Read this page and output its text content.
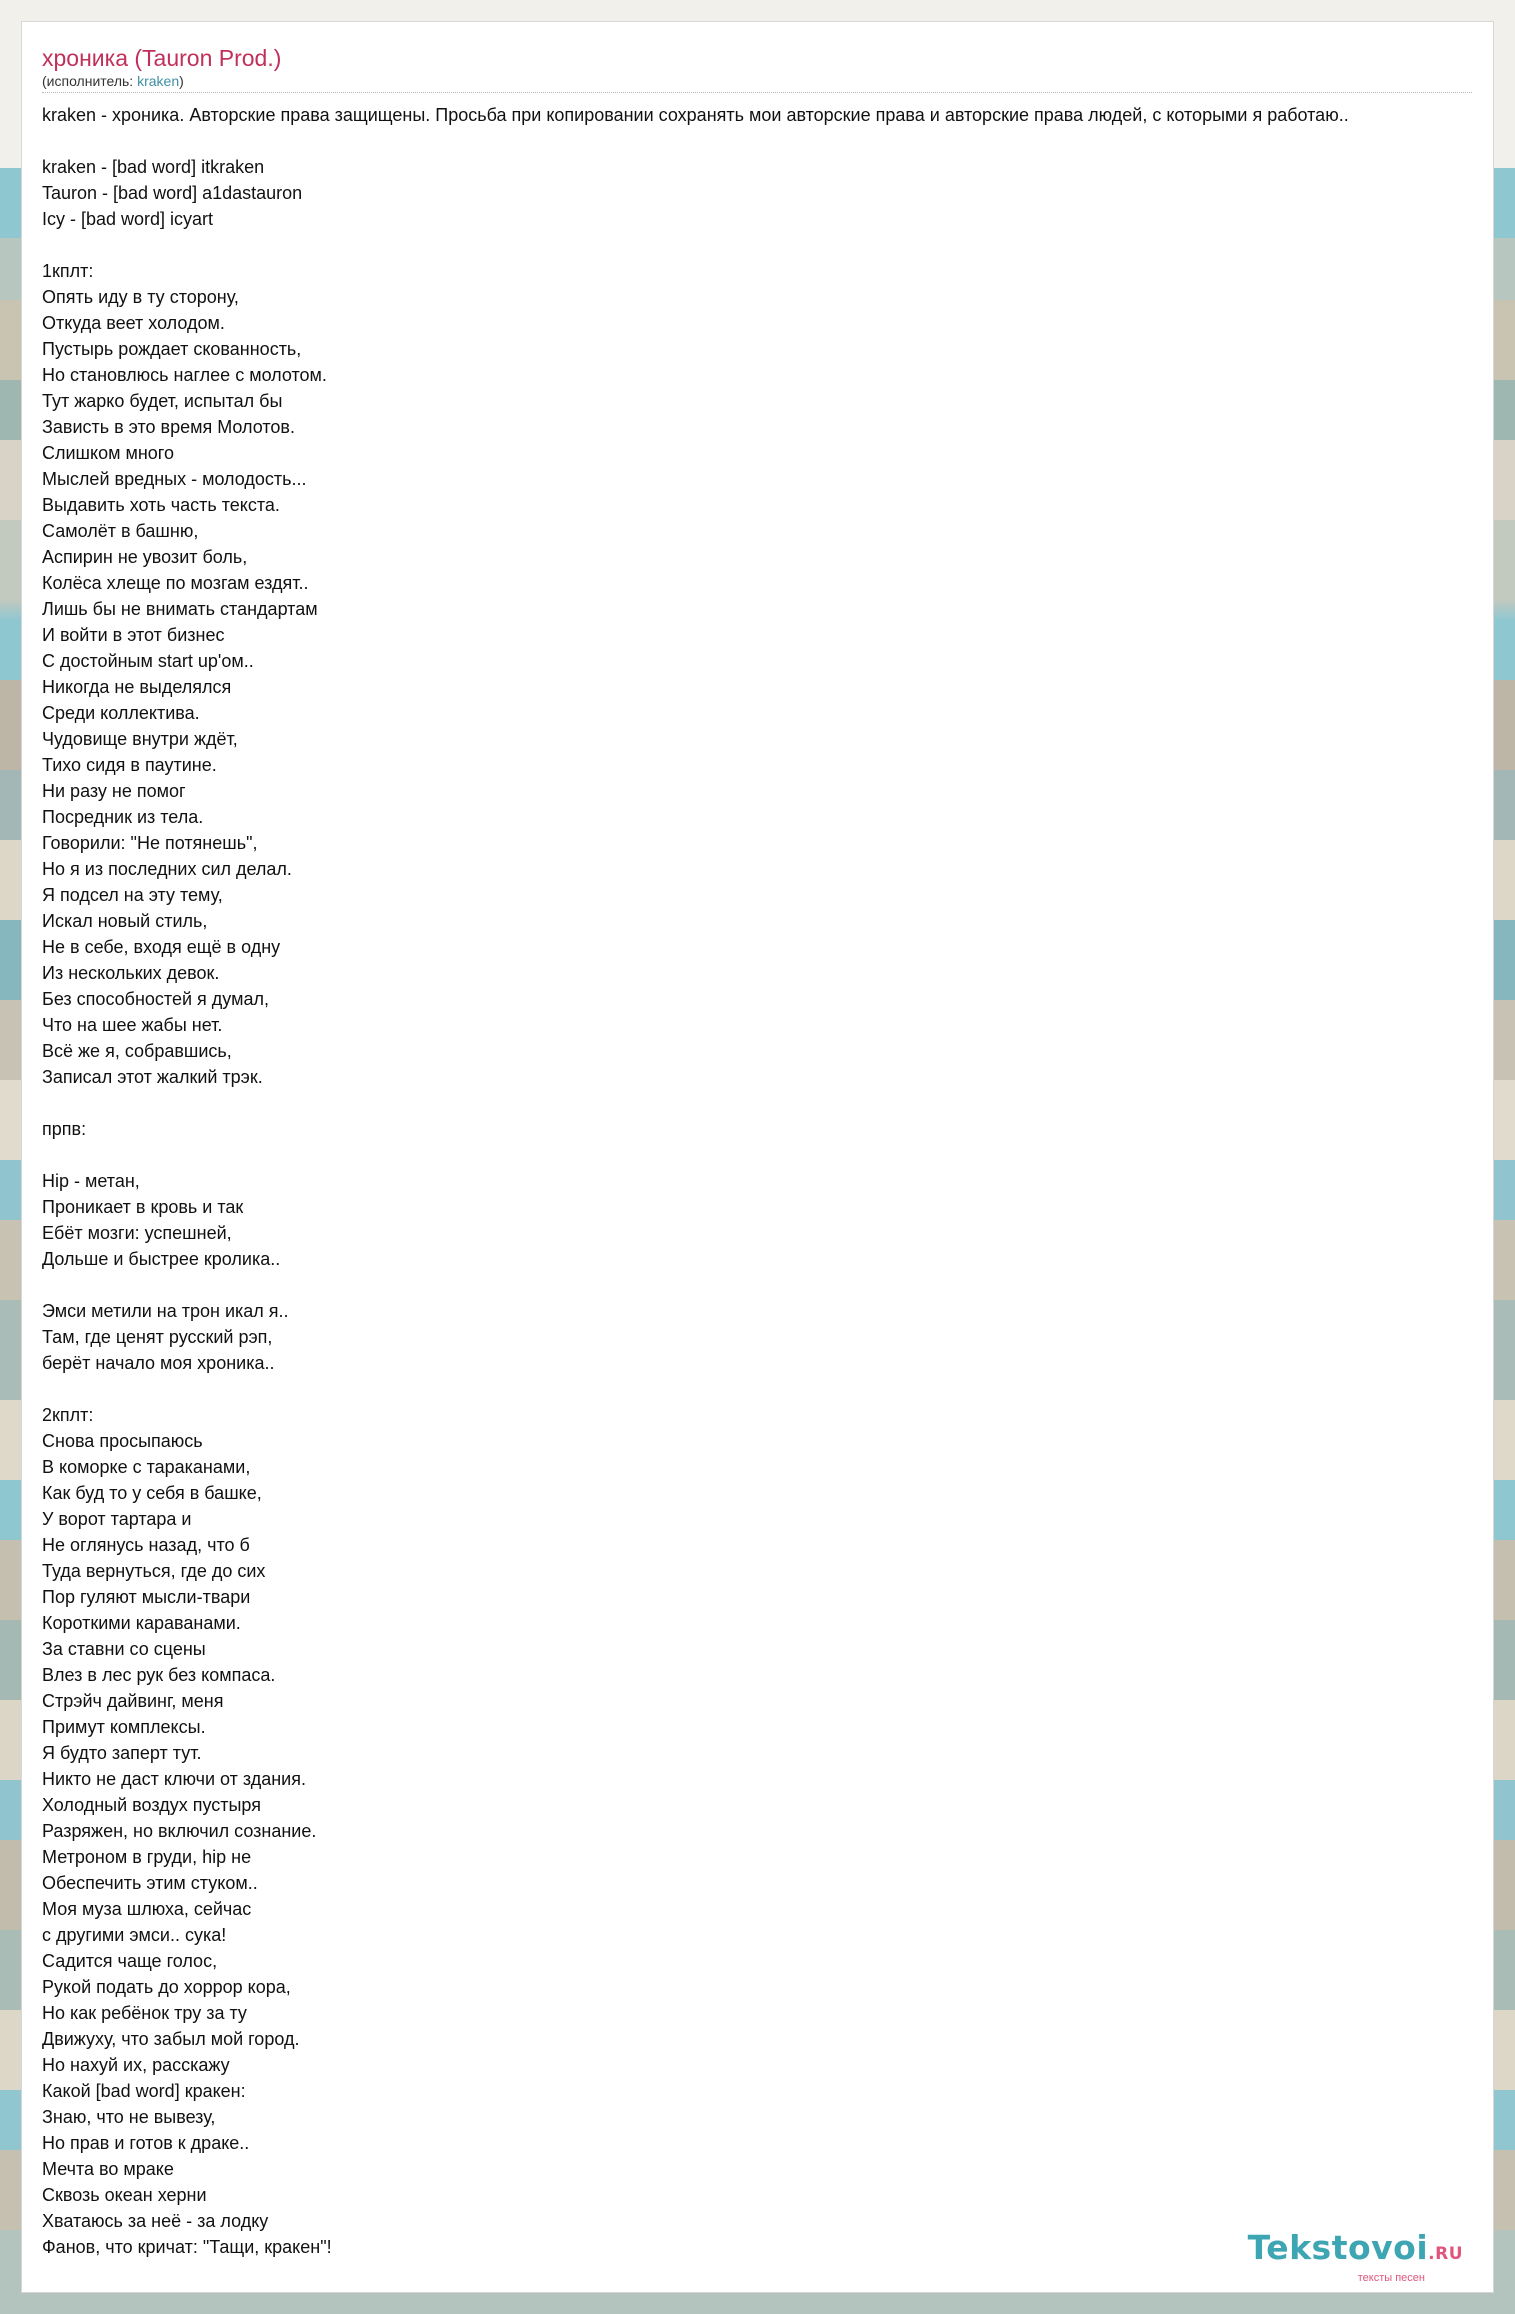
хроника (Tauron Prod.)
(исполнитель: kraken)
kraken - хроника. Авторские права защищены. Просьба при копировании сохранять мои авторские права и авторские права людей, с которыми я работаю..
kraken - [bad word] itkraken
Tauron - [bad word] a1dastauron
Icy - [bad word] icyart
1кплт:
Опять иду в ту сторону,
Откуда веет холодом.
Пустырь рождает скованность,
Но становлюсь наглее с молотом.
Тут жарко будет, испытал бы
Зависть в это время Молотов.
Слишком много
Мыслей вредных - молодость...
Выдавить хоть часть текста.
Самолёт в башню,
Аспирин не увозит боль,
Колёса хлеще по мозгам ездят..
Лишь бы не внимать стандартам
И войти в этот бизнес
С достойным start up'ом..
Никогда не выделялся
Среди коллектива.
Чудовище внутри ждёт,
Тихо сидя в паутине.
Ни разу не помог
Посредник из тела.
Говорили: "Не потянешь",
Но я из последних сил делал.
Я подсел на эту тему,
Искал новый стиль,
Не в себе, входя ещё в одну
Из нескольких девок.
Без способностей я думал,
Что на шее жабы нет.
Всё же я, собравшись,
Записал этот жалкий трэк.
прпв:
Hip - метан,
Проникает в кровь и так
Ебёт мозги: успешней,
Дольше и быстрее кролика..
Эмси метили на трон икал я..
Там, где ценят русский рэп,
берёт начало моя хроника..
2кплт:
Снова просыпаюсь
В коморке с тараканами,
Как буд то у себя в башке,
У ворот тартара и
Не оглянусь назад, что б
Туда вернуться, где до сих
Пор гуляют мысли-твари
Короткими караванами.
За ставни со сцены
Влез в лес рук без компаса.
Стрэйч дайвинг, меня
Примут комплексы.
Я будто заперт тут.
Никто не даст ключи от здания.
Холодный воздух пустыря
Разряжен, но включил сознание.
Метроном в груди, hip не
Обеспечить этим стуком..
Моя муза шлюха, сейчас
с другими эмси.. сука!
Садится чаще голос,
Рукой подать до хоррор кора,
Но как ребёнок тру за ту
Движуху, что забыл мой город.
Но нахуй их, расскажу
Какой [bad word] кракен:
Знаю, что не вывезу,
Но прав и готов к драке..
Мечта во мраке
Сквозь океан херни
Хватаюсь за неё - за лодку
Фанов, что кричат: "Тащи, кракен"!	Tekstovoi.RU
тексты песен
